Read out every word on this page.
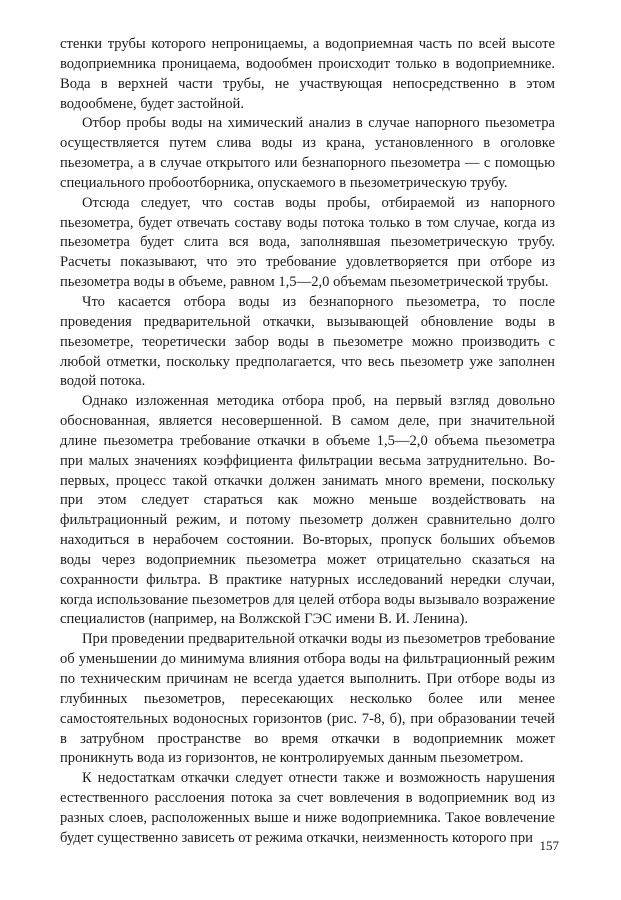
стенки трубы которого непроницаемы, а водоприемная часть по всей высоте водоприемника проницаема, водообмен происходит только в водоприемнике. Вода в верхней части трубы, не участвующая непосредственно в этом водообмене, будет застойной.

Отбор пробы воды на химический анализ в случае напорного пьезометра осуществляется путем слива воды из крана, установленного в оголовке пьезометра, а в случае открытого или безнапорного пьезометра — с помощью специального пробоотборника, опускаемого в пьезометрическую трубу.

Отсюда следует, что состав воды пробы, отбираемой из напорного пьезометра, будет отвечать составу воды потока только в том случае, когда из пьезометра будет слита вся вода, заполнявшая пьезометрическую трубу. Расчеты показывают, что это требование удовлетворяется при отборе из пьезометра воды в объеме, равном 1,5—2,0 объемам пьезометрической трубы.

Что касается отбора воды из безнапорного пьезометра, то после проведения предварительной откачки, вызывающей обновление воды в пьезометре, теоретически забор воды в пьезометре можно производить с любой отметки, поскольку предполагается, что весь пьезометр уже заполнен водой потока.

Однако изложенная методика отбора проб, на первый взгляд довольно обоснованная, является несовершенной. В самом деле, при значительной длине пьезометра требование откачки в объеме 1,5—2,0 объема пьезометра при малых значениях коэффициента фильтрации весьма затруднительно. Во-первых, процесс такой откачки должен занимать много времени, поскольку при этом следует стараться как можно меньше воздействовать на фильтрационный режим, и потому пьезометр должен сравнительно долго находиться в нерабочем состоянии. Во-вторых, пропуск больших объемов воды через водоприемник пьезометра может отрицательно сказаться на сохранности фильтра. В практике натурных исследований нередки случаи, когда использование пьезометров для целей отбора воды вызывало возражение специалистов (например, на Волжской ГЭС имени В. И. Ленина).

При проведении предварительной откачки воды из пьезометров требование об уменьшении до минимума влияния отбора воды на фильтрационный режим по техническим причинам не всегда удается выполнить. При отборе воды из глубинных пьезометров, пересекающих несколько более или менее самостоятельных водоносных горизонтов (рис. 7-8, б), при образовании течей в затрубном пространстве во время откачки в водоприемник может проникнуть вода из горизонтов, не контролируемых данным пьезометром.

К недостаткам откачки следует отнести также и возможность нарушения естественного расслоения потока за счет вовлечения в водоприемник вод из разных слоев, расположенных выше и ниже водоприемника. Такое вовлечение будет существенно зависеть от режима откачки, неизменность которого при 157
